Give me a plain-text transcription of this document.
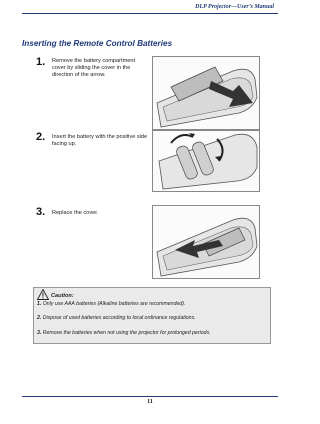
DLP Projector—User’s Manual
Inserting the Remote Control Batteries
1. Remove the battery compartment cover by sliding the cover in the direction of the arrow.
2. Insert the battery with the positive side facing up.
3. Replace the cover.
Caution:
1. Only use AAA batteries (Alkaline batteries are recommended).
2. Dispose of used batteries according to local ordinance regulations.
3. Remove the batteries when not using the projector for prolonged periods.
11
